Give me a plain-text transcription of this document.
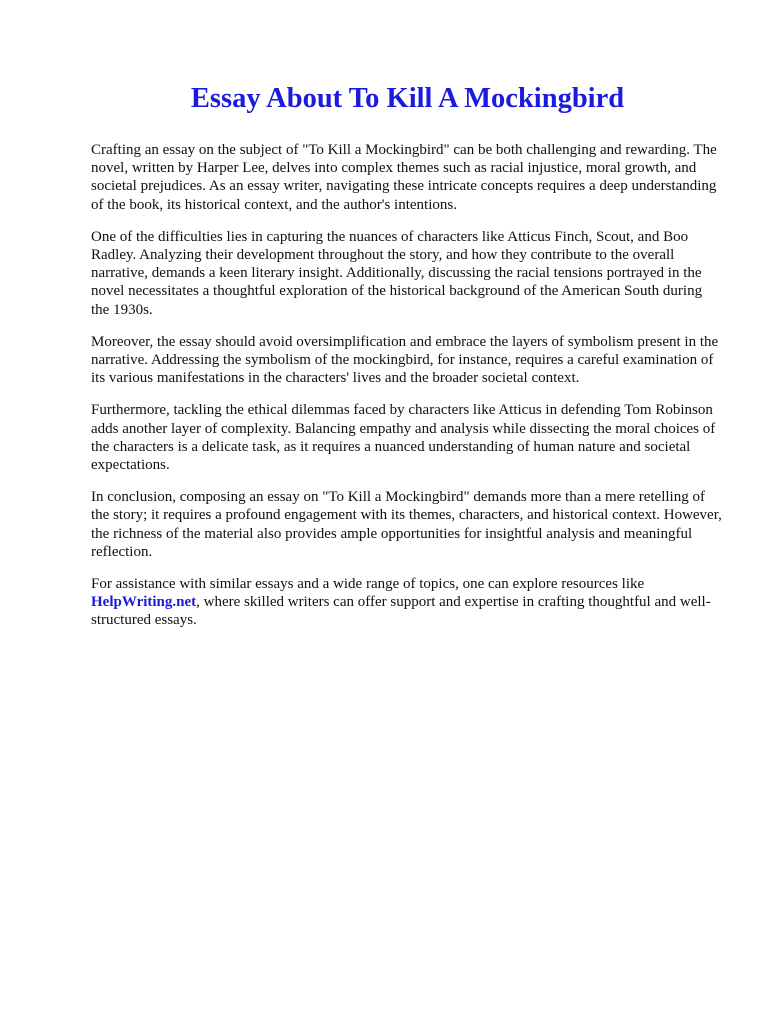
Essay About To Kill A Mockingbird

Crafting an essay on the subject of "To Kill a Mockingbird" can be both challenging and rewarding. The novel, written by Harper Lee, delves into complex themes such as racial injustice, moral growth, and societal prejudices. As an essay writer, navigating these intricate concepts requires a deep understanding of the book, its historical context, and the author's intentions.

One of the difficulties lies in capturing the nuances of characters like Atticus Finch, Scout, and Boo Radley. Analyzing their development throughout the story, and how they contribute to the overall narrative, demands a keen literary insight. Additionally, discussing the racial tensions portrayed in the novel necessitates a thoughtful exploration of the historical background of the American South during the 1930s.

Moreover, the essay should avoid oversimplification and embrace the layers of symbolism present in the narrative. Addressing the symbolism of the mockingbird, for instance, requires a careful examination of its various manifestations in the characters' lives and the broader societal context.

Furthermore, tackling the ethical dilemmas faced by characters like Atticus in defending Tom Robinson adds another layer of complexity. Balancing empathy and analysis while dissecting the moral choices of the characters is a delicate task, as it requires a nuanced understanding of human nature and societal expectations.

In conclusion, composing an essay on "To Kill a Mockingbird" demands more than a mere retelling of the story; it requires a profound engagement with its themes, characters, and historical context. However, the richness of the material also provides ample opportunities for insightful analysis and meaningful reflection.

For assistance with similar essays and a wide range of topics, one can explore resources like HelpWriting.net, where skilled writers can offer support and expertise in crafting thoughtful and well-structured essays.
